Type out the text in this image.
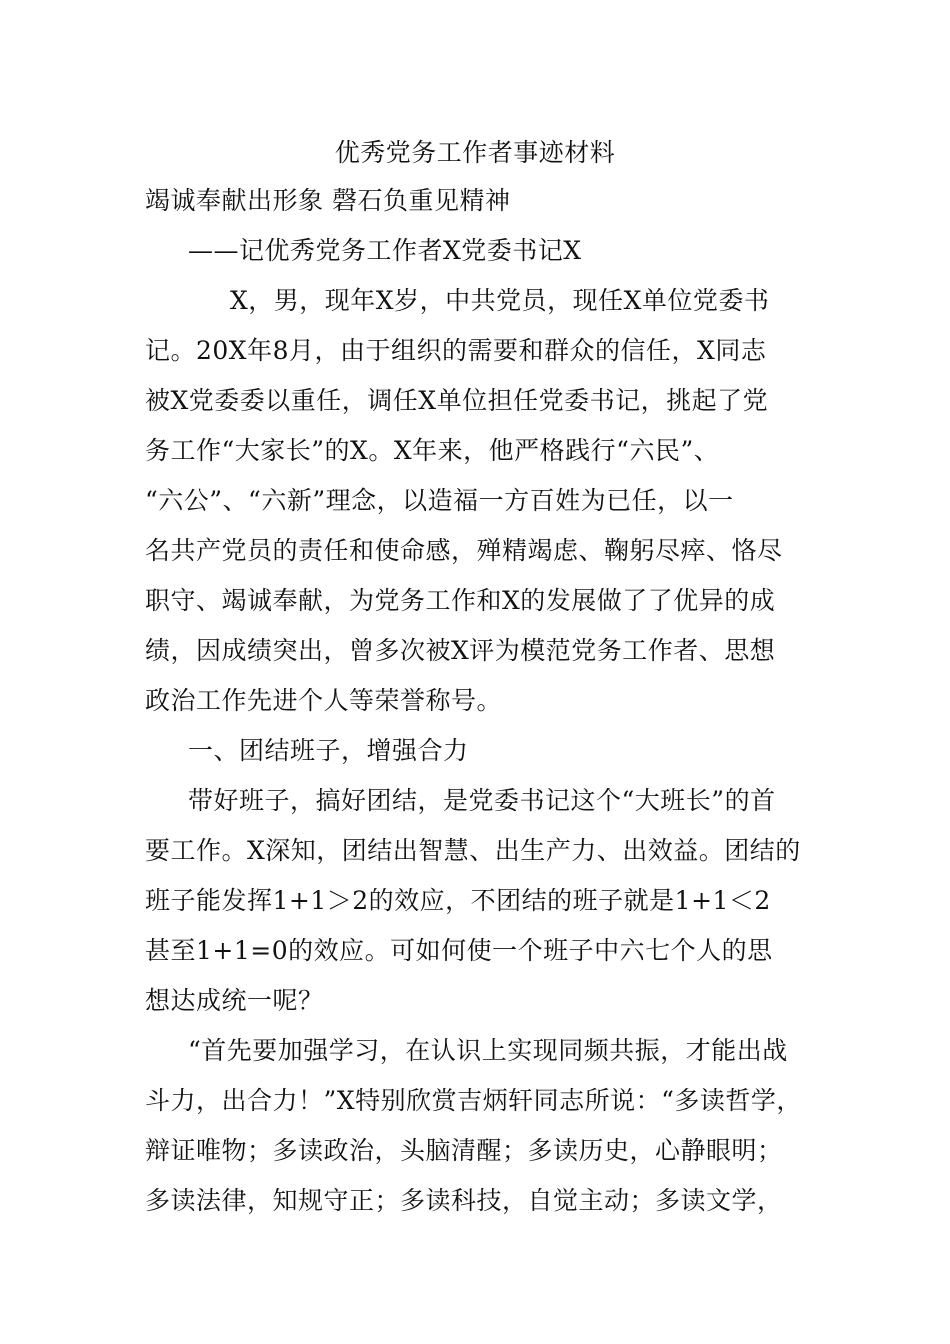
优秀党务工作者事迹材料
竭诚奉献出形象 磬石负重见精神
——记优秀党务工作者X党委书记X
X，男，现年X岁，中共党员，现任X单位党委书
记。20X年8月，由于组织的需要和群众的信任，X同志
被X党委委以重任，调任X单位担任党委书记，挑起了党
务工作“大家长”的X。X年来，他严格践行“六民”、
“六公”、“六新”理念，以造福一方百姓为已任，以一
名共产党员的责任和使命感，殚精竭虑、鞠躬尽瘁、恪尽
职守、竭诚奉献，为党务工作和X的发展做了了优异的成
绩，因成绩突出，曾多次被X评为模范党务工作者、思想
政治工作先进个人等荣誉称号。
一、团结班子，增强合力
带好班子，搞好团结，是党委书记这个“大班长”的首
要工作。X深知，团结出智慧、出生产力、出效益。团结的
班子能发挥1+1＞2的效应，不团结的班子就是1+1＜2
甚至1+1=0的效应。可如何使一个班子中六七个人的思
想达成统一呢？
“首先要加强学习，在认识上实现同频共振，才能出战
斗力，出合力！”X特别欣赏吉炳轩同志所说：“多读哲学，
辩证唯物；多读政治，头脑清醒；多读历史，心静眼明；
多读法律，知规守正；多读科技，自觉主动；多读文学，
